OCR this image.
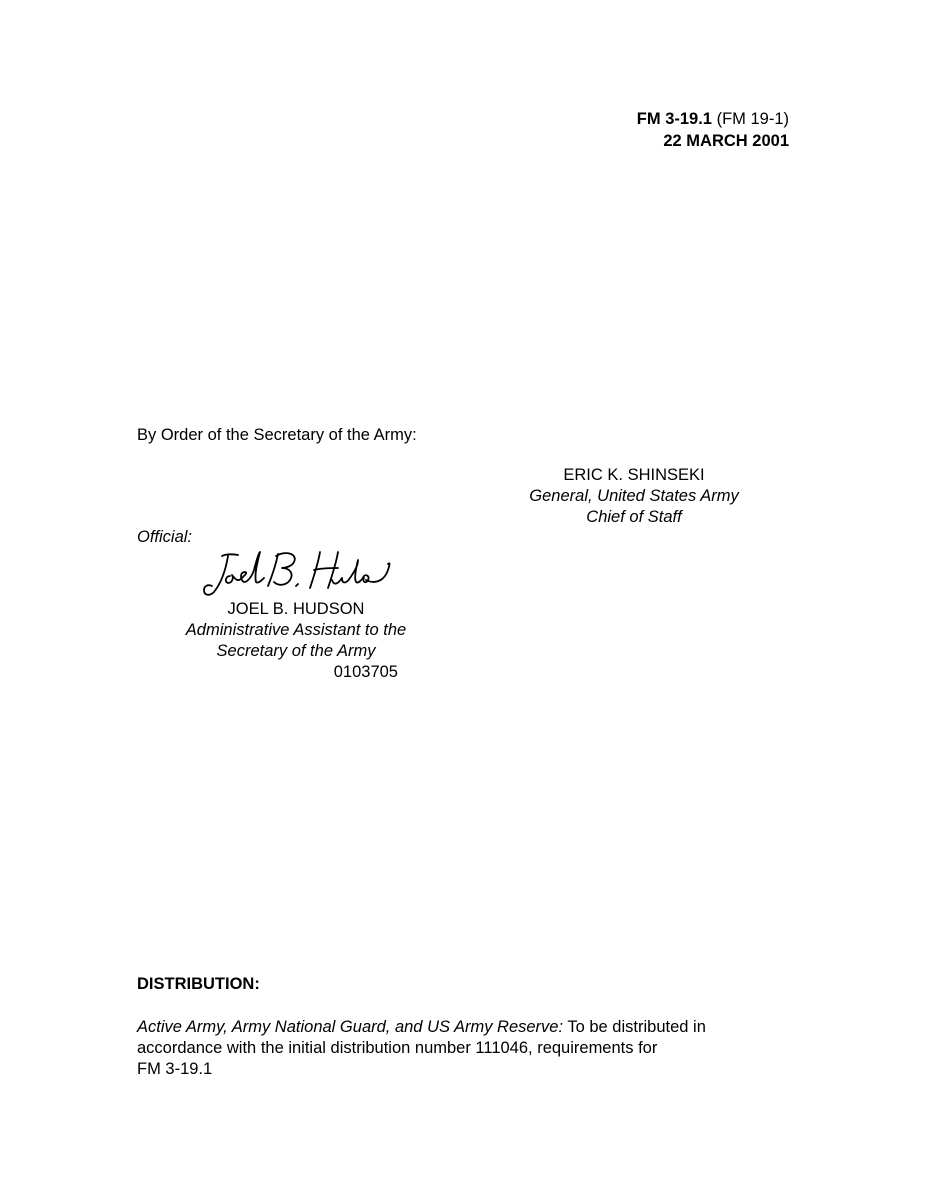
FM 3-19.1 (FM 19-1)
22 MARCH 2001
By Order of the Secretary of the Army:
ERIC K. SHINSEKI
General, United States Army
Chief of Staff
Official:
JOEL B. HUDSON
Administrative Assistant to the
Secretary of the Army
0103705
DISTRIBUTION:
Active Army, Army National Guard, and US Army Reserve: To be distributed in
accordance with the initial distribution number 111046, requirements for
FM 3-19.1
